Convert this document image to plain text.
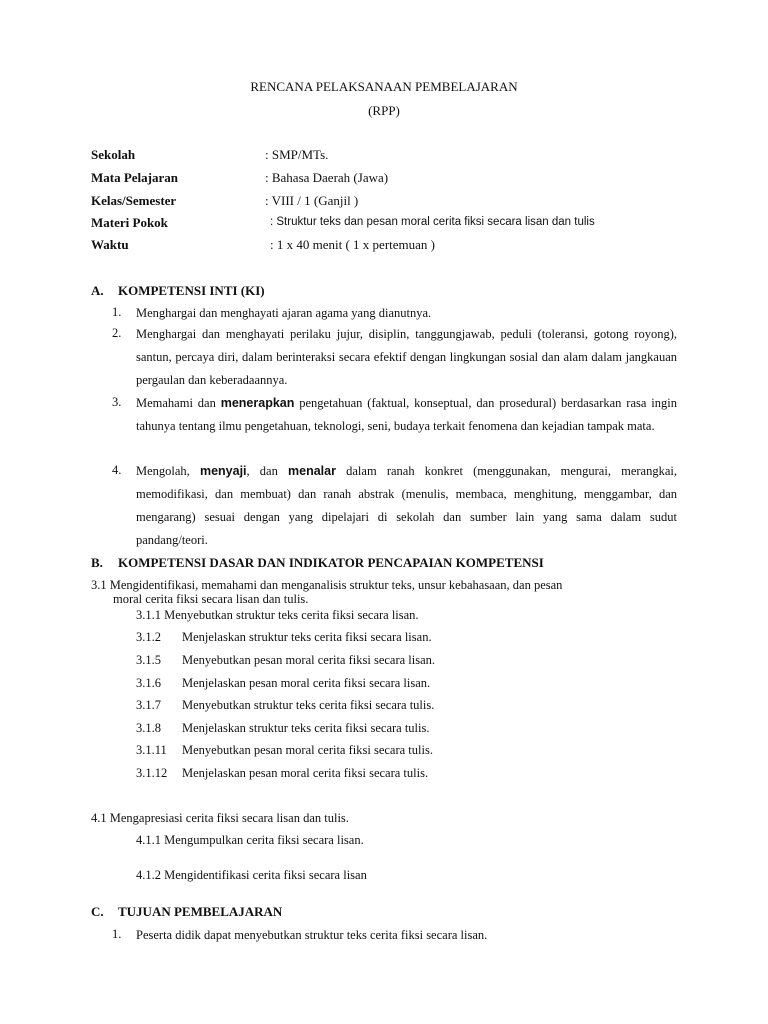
RENCANA PELAKSANAAN PEMBELAJARAN
(RPP)
Sekolah	: SMP/MTs.
Mata Pelajaran	: Bahasa Daerah (Jawa)
Kelas/Semester	: VIII / 1 (Ganjil )
Materi Pokok	: Struktur teks dan pesan moral cerita fiksi secara lisan dan tulis
Waktu	: 1 x 40 menit ( 1 x pertemuan )
A. KOMPETENSI INTI (KI)
1. Menghargai dan menghayati ajaran agama yang dianutnya.
2. Menghargai dan menghayati perilaku jujur, disiplin, tanggungjawab, peduli (toleransi, gotong royong), santun, percaya diri, dalam berinteraksi secara efektif dengan lingkungan sosial dan alam dalam jangkauan pergaulan dan keberadaannya.
3. Memahami dan menerapkan pengetahuan (faktual, konseptual, dan prosedural) berdasarkan rasa ingin tahunya tentang ilmu pengetahuan, teknologi, seni, budaya terkait fenomena dan kejadian tampak mata.
4. Mengolah, menyaji, dan menalar dalam ranah konkret (menggunakan, mengurai, merangkai, memodifikasi, dan membuat) dan ranah abstrak (menulis, membaca, menghitung, menggambar, dan mengarang) sesuai dengan yang dipelajari di sekolah dan sumber lain yang sama dalam sudut pandang/teori.
B. KOMPETENSI DASAR DAN INDIKATOR PENCAPAIAN KOMPETENSI
3.1 Mengidentifikasi, memahami dan menganalisis struktur teks, unsur kebahasaan, dan pesan
moral cerita fiksi secara lisan dan tulis.
3.1.1 Menyebutkan struktur teks cerita fiksi secara lisan.
3.1.2 Menjelaskan struktur teks cerita fiksi secara lisan.
3.1.5 Menyebutkan pesan moral cerita fiksi secara lisan.
3.1.6 Menjelaskan pesan moral cerita fiksi secara lisan.
3.1.7 Menyebutkan struktur teks cerita fiksi secara tulis.
3.1.8 Menjelaskan struktur teks cerita fiksi secara tulis.
3.1.11 Menyebutkan pesan moral cerita fiksi secara tulis.
3.1.12 Menjelaskan pesan moral cerita fiksi secara tulis.
4.1 Mengapresiasi cerita fiksi secara lisan dan tulis.
4.1.1 Mengumpulkan cerita fiksi secara lisan.
4.1.2 Mengidentifikasi cerita fiksi secara lisan
C. TUJUAN PEMBELAJARAN
1. Peserta didik dapat menyebutkan struktur teks cerita fiksi secara lisan.
